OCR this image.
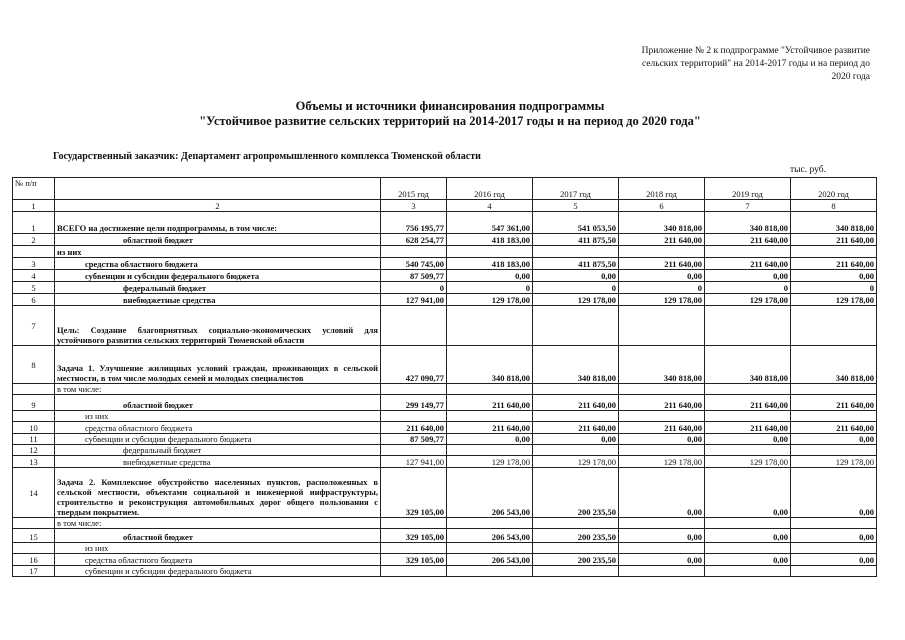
Приложение № 2 к подпрограмме "Устойчивое развитие
сельских территорий" на 2014-2017 годы и на период до
2020 года
Объемы и источники финансирования подпрограммы
"Устойчивое развитие сельских территорий на 2014-2017 годы и на период до 2020 года"
Государственный заказчик: Департамент агропромышленного комплекса Тюменской области
тыс. руб.
№ п/п		2015 год	2016 год	2017 год	2018 год	2019 год	2020 год
1	2	3	4	5	6	7	8
1	ВСЕГО на достижение цели подпрограммы, в том числе:	756 195,77	547 361,00	541 053,50	340 818,00	340 818,00	340 818,00
2	областной бюджет	628 254,77	418 183,00	411 875,50	211 640,00	211 640,00	211 640,00
	из них						
3	средства областного бюджета	540 745,00	418 183,00	411 875,50	211 640,00	211 640,00	211 640,00
4	субвенции и субсидии федерального бюджета	87 509,77	0,00	0,00	0,00	0,00	0,00
5	федеральный бюджет	0	0	0	0	0	0
6	внебюджетные средства	127 941,00	129 178,00	129 178,00	129 178,00	129 178,00	129 178,00
7	Цель: Создание благоприятных социально-экономических условий для устойчивого развития сельских территорий Тюменской области						
8	Задача 1. Улучшение жилищных условий граждан, проживающих в сельской местности, в том числе молодых семей и молодых специалистов	427 090,77	340 818,00	340 818,00	340 818,00	340 818,00	340 818,00
	в том числе:						
9	областной бюджет	299 149,77	211 640,00	211 640,00	211 640,00	211 640,00	211 640,00
	из них						
10	средства областного бюджета	211 640,00	211 640,00	211 640,00	211 640,00	211 640,00	211 640,00
11	субвенции и субсидии федерального бюджета	87 509,77	0,00	0,00	0,00	0,00	0,00
12	федеральный бюджет						
13	внебюджетные средства	127 941,00	129 178,00	129 178,00	129 178,00	129 178,00	129 178,00
14	Задача 2. Комплексное обустройство населенных пунктов, расположенных в сельской местности, объектами социальной и инженерной инфраструктуры, строительство и реконструкция автомобильных дорог общего пользования с твердым покрытием.	329 105,00	206 543,00	200 235,50	0,00	0,00	0,00
	в том числе:						
15	областной бюджет	329 105,00	206 543,00	200 235,50	0,00	0,00	0,00
	из них						
16	средства областного бюджета	329 105,00	206 543,00	200 235,50	0,00	0,00	0,00
17	субвенции и субсидии федерального бюджета						
